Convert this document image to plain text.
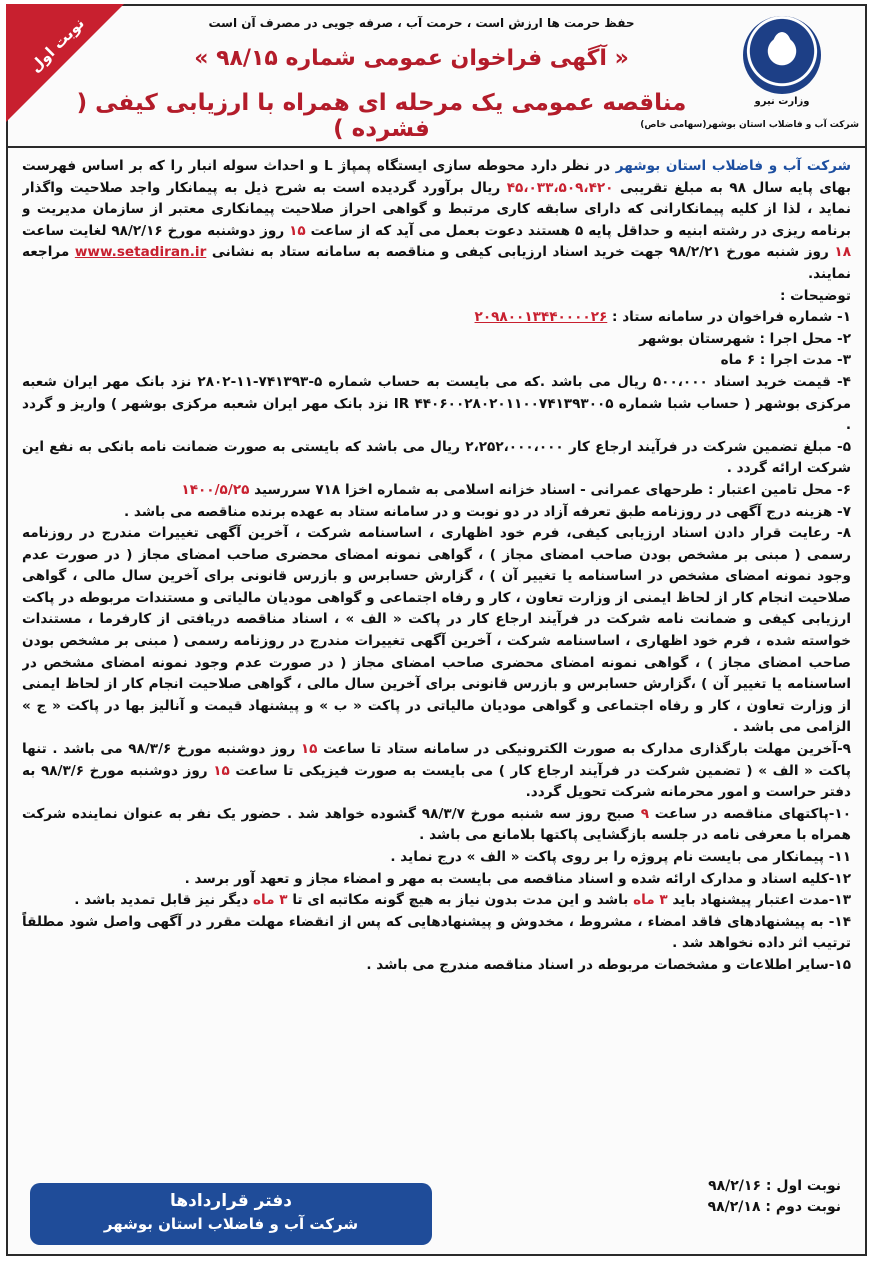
نوبت اول
وزارت نیرو
شرکت آب و فاضلاب استان بوشهر(سهامی خاص)
حفظ حرمت ها ارزش است ، حرمت آب ، صرفه جویی در مصرف آن است
« آگهی فراخوان عمومی شماره ۹۸/۱۵ »
مناقصه عمومی یک مرحله ای همراه با ارزیابی کیفی ( فشرده )

شرکت آب و فاضلاب استان بوشهر در نظر دارد محوطه سازی ایستگاه پمپاژ L و احداث سوله انبار را که بر اساس فهرست بهای پایه سال ۹۸ به مبلغ تقریبی ۴۵،۰۳۳،۵۰۹،۴۲۰ ریال برآورد گردیده است به شرح ذیل به پیمانکار واجد صلاحیت واگذار نماید ، لذا از کلیه پیمانکارانی که دارای سابقه کاری مرتبط و گواهی احراز صلاحیت پیمانکاری معتبر از سازمان مدیریت و برنامه ریزی در رشته ابنیه و حداقل پایه ۵ هستند دعوت بعمل می آید که از ساعت ۱۵ روز دوشنبه مورخ ۹۸/۲/۱۶ لغایت ساعت ۱۸ روز شنبه مورخ ۹۸/۲/۲۱ جهت خرید اسناد ارزیابی کیفی و مناقصه به سامانه ستاد به نشانی www.setadiran.ir مراجعه نمایند.

توضیحات :

۱- شماره فراخوان در سامانه ستاد : ۲۰۹۸۰۰۱۳۴۴۰۰۰۰۲۶

۲- محل اجرا : شهرستان بوشهر

۳- مدت اجرا : ۶ ماه

۴- قیمت خرید اسناد ۵۰۰،۰۰۰ ریال می باشد .که می بایست به حساب شماره ۵-۷۴۱۳۹۳-۱۱-۲۸۰۲ نزد بانک مهر ایران شعبه مرکزی بوشهر ( حساب شبا شماره IR ۴۴۰۶۰۰۲۸۰۲۰۱۱۰۰۷۴۱۳۹۳۰۰۵ نزد بانک مهر ایران شعبه مرکزی بوشهر ) واریز و گردد .

۵- مبلغ تضمین شرکت در فرآیند ارجاع کار ۲،۲۵۲،۰۰۰،۰۰۰ ریال می باشد که بایستی به صورت ضمانت نامه بانکی به نفع این شرکت ارائه گردد .

۶- محل تامین اعتبار : طرحهای عمرانی - اسناد خزانه اسلامی به شماره اخزا ۷۱۸ سررسید ۱۴۰۰/۵/۲۵

۷- هزینه درج آگهی در روزنامه طبق تعرفه آزاد در دو نوبت و در سامانه ستاد به عهده برنده مناقصه می باشد .

۸- رعایت قرار دادن اسناد ارزیابی کیفی، فرم خود اظهاری ، اساسنامه شرکت ، آخرین آگهی تغییرات مندرج در روزنامه رسمی ( مبنی بر مشخص بودن صاحب امضای مجاز ) ، گواهی نمونه امضای محضری صاحب امضای مجاز ( در صورت عدم وجود نمونه امضای مشخص در اساسنامه یا تغییر آن ) ، گزارش حسابرس و بازرس قانونی برای آخرین سال مالی ، گواهی صلاحیت انجام کار از لحاظ ایمنی از وزارت تعاون ، کار و رفاه اجتماعی و گواهی مودیان مالیاتی و مستندات مربوطه در پاکت ارزیابی کیفی و ضمانت نامه شرکت در فرآیند ارجاع کار در پاکت « الف » ، اسناد مناقصه دریافتی از کارفرما ، مستندات خواسته شده ، فرم خود اظهاری ، اساسنامه شرکت ، آخرین آگهی تغییرات مندرج در روزنامه رسمی ( مبنی بر مشخص بودن صاحب امضای مجاز ) ، گواهی نمونه امضای محضری صاحب امضای مجاز ( در صورت عدم وجود نمونه امضای مشخص در اساسنامه یا تغییر آن ) ،گزارش حسابرس و بازرس قانونی برای آخرین سال مالی ، گواهی صلاحیت انجام کار از لحاظ ایمنی از وزارت تعاون ، کار و رفاه اجتماعی و گواهی مودیان مالیاتی در پاکت « ب » و پیشنهاد قیمت و آنالیز بها در پاکت « ج » الزامی می باشد .

۹-آخرین مهلت بارگذاری مدارک به صورت الکترونیکی در سامانه ستاد تا ساعت ۱۵ روز دوشنبه مورخ ۹۸/۳/۶ می باشد . تنها پاکت « الف » ( تضمین شرکت در فرآیند ارجاع کار ) می بایست به صورت فیزیکی تا ساعت ۱۵ روز دوشنبه مورخ ۹۸/۳/۶ به دفتر حراست و امور محرمانه شرکت تحویل گردد.

۱۰-پاکتهای مناقصه در ساعت ۹ صبح روز سه شنبه مورخ ۹۸/۳/۷ گشوده خواهد شد . حضور یک نفر به عنوان نماینده شرکت همراه با معرفی نامه در جلسه بازگشایی پاکتها بلامانع می باشد .

۱۱- پیمانکار می بایست نام پروژه را بر روی پاکت « الف » درج نماید .

۱۲-کلیه اسناد و مدارک ارائه شده و اسناد مناقصه می بایست به مهر و امضاء مجاز و تعهد آور برسد .

۱۳-مدت اعتبار پیشنهاد باید ۳ ماه باشد و این مدت بدون نیاز به هیچ گونه مکاتبه ای تا ۳ ماه دیگر نیز قابل تمدید باشد .

۱۴- به پیشنهادهای فاقد امضاء ، مشروط ، مخدوش و پیشنهادهایی که پس از انقضاء مهلت مقرر در آگهی واصل شود مطلقاً ترتیب اثر داده نخواهد شد .

۱۵-سایر اطلاعات و مشخصات مربوطه در اسناد مناقصه مندرج می باشد .

نوبت اول : ۹۸/۲/۱۶
نوبت دوم : ۹۸/۲/۱۸
دفتر قراردادها
شرکت آب و فاضلاب استان بوشهر
